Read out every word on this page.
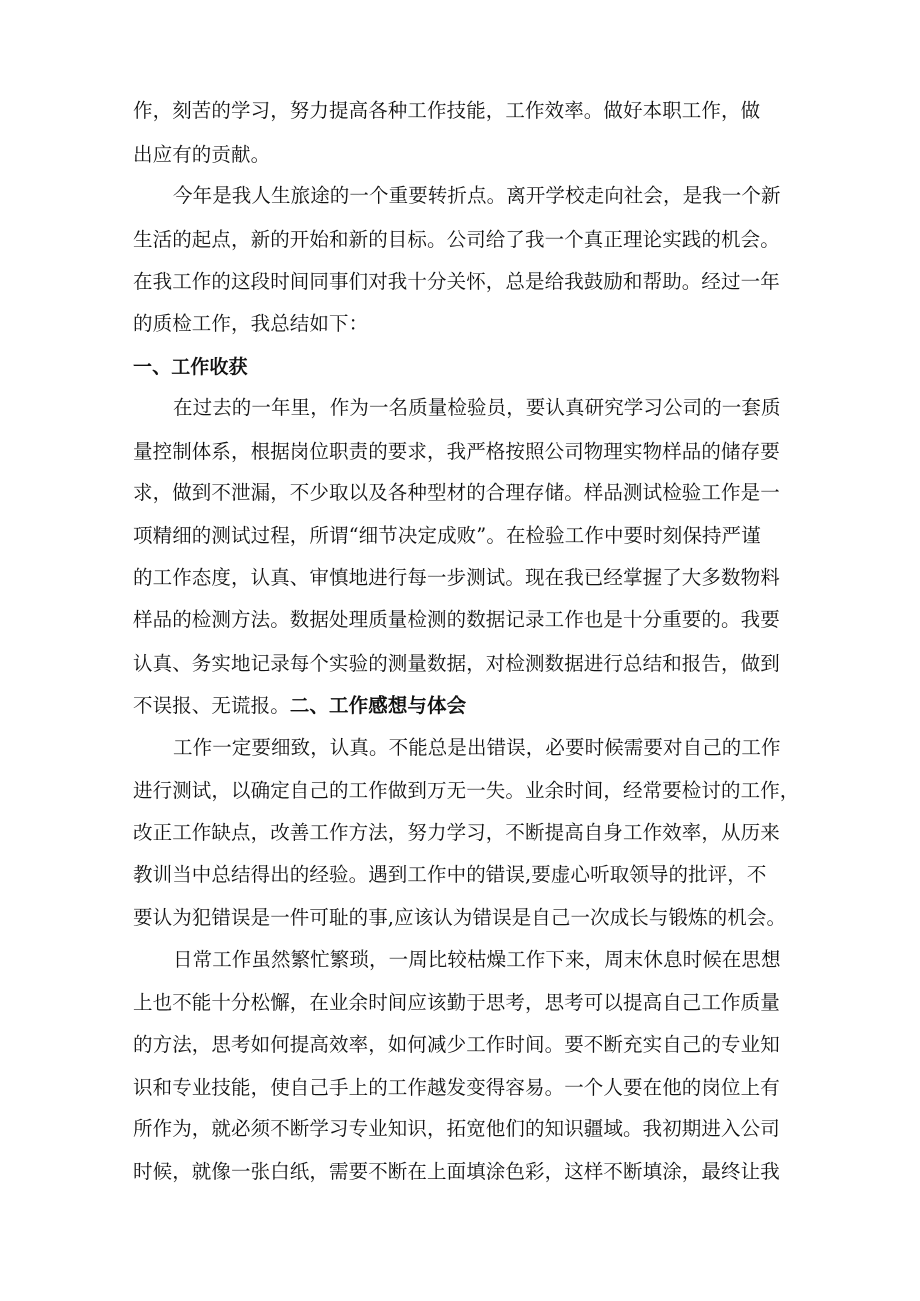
作，刻苦的学习，努力提高各种工作技能，工作效率。做好本职工作，做
出应有的贡献。
今年是我人生旅途的一个重要转折点。离开学校走向社会，是我一个新
生活的起点，新的开始和新的目标。公司给了我一个真正理论实践的机会。
在我工作的这段时间同事们对我十分关怀，总是给我鼓励和帮助。经过一年
的质检工作，我总结如下：
一、工作收获
在过去的一年里，作为一名质量检验员，要认真研究学习公司的一套质
量控制体系，根据岗位职责的要求，我严格按照公司物理实物样品的储存要
求，做到不泄漏，不少取以及各种型材的合理存储。样品测试检验工作是一
项精细的测试过程，所谓“细节决定成败”。在检验工作中要时刻保持严谨
的工作态度，认真、审慎地进行每一步测试。现在我已经掌握了大多数物料
样品的检测方法。数据处理质量检测的数据记录工作也是十分重要的。我要
认真、务实地记录每个实验的测量数据，对检测数据进行总结和报告，做到
不误报、无谎报。二、工作感想与体会
工作一定要细致，认真。不能总是出错误，必要时候需要对自己的工作
进行测试，以确定自己的工作做到万无一失。业余时间，经常要检讨的工作，
改正工作缺点，改善工作方法，努力学习，不断提高自身工作效率，从历来
教训当中总结得出的经验。遇到工作中的错误,要虚心听取领导的批评，不
要认为犯错误是一件可耻的事,应该认为错误是自己一次成长与锻炼的机会。
日常工作虽然繁忙繁琐，一周比较枯燥工作下来，周末休息时候在思想
上也不能十分松懈，在业余时间应该勤于思考，思考可以提高自己工作质量
的方法，思考如何提高效率，如何减少工作时间。要不断充实自己的专业知
识和专业技能，使自己手上的工作越发变得容易。一个人要在他的岗位上有
所作为，就必须不断学习专业知识，拓宽他们的知识疆域。我初期进入公司
时候，就像一张白纸，需要不断在上面填涂色彩，这样不断填涂，最终让我
